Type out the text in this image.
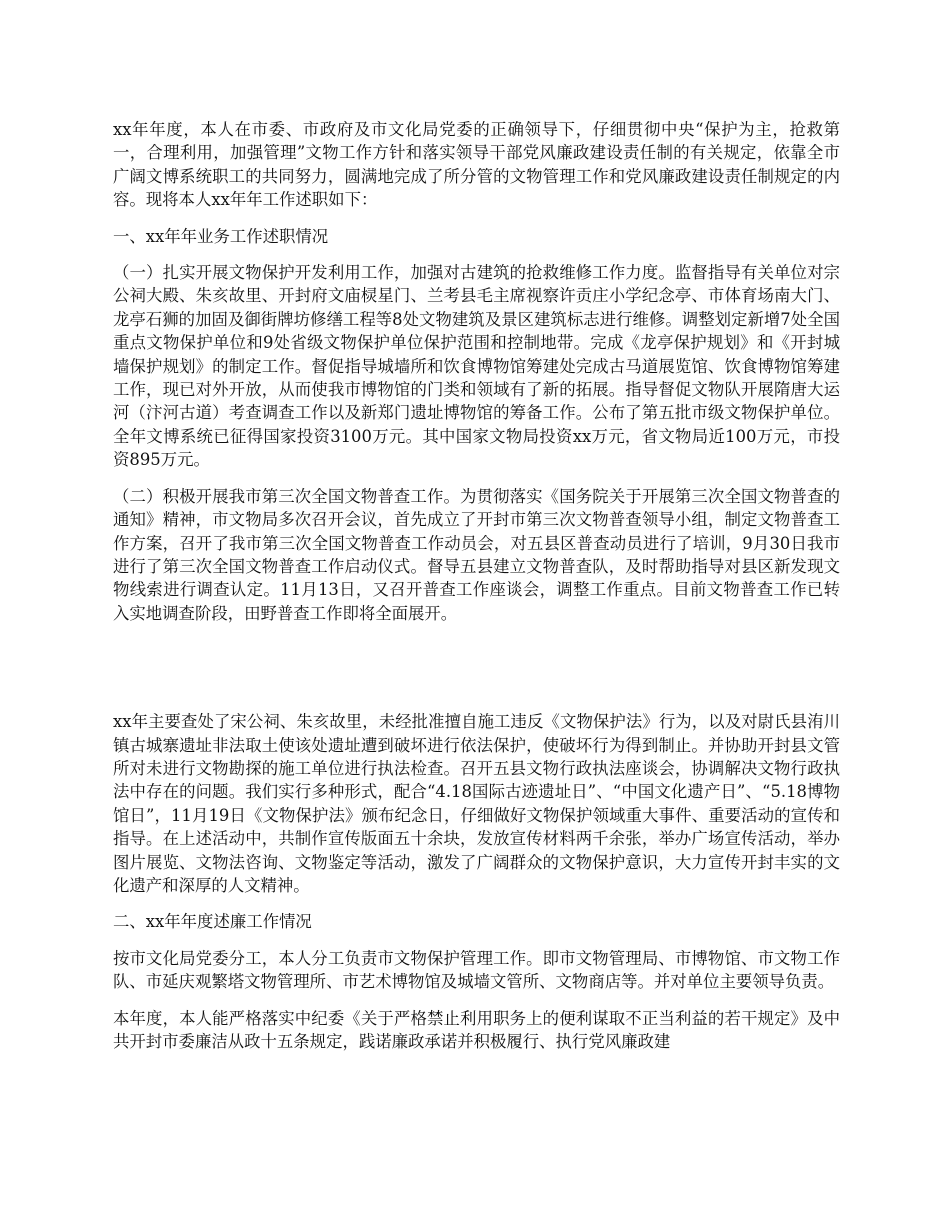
xx年年度，本人在市委、市政府及市文化局党委的正确领导下，仔细贯彻中央“保护为主，抢救第一，合理利用，加强管理”文物工作方针和落实领导干部党风廉政建设责任制的有关规定，依靠全市广阔文博系统职工的共同努力，圆满地完成了所分管的文物管理工作和党风廉政建设责任制规定的内容。现将本人xx年年工作述职如下：

一、xx年年业务工作述职情况

（一）扎实开展文物保护开发利用工作，加强对古建筑的抢救维修工作力度。监督指导有关单位对宗公祠大殿、朱亥故里、开封府文庙棂星门、兰考县毛主席视察许贡庄小学纪念亭、市体育场南大门、龙亭石狮的加固及御街牌坊修缮工程等8处文物建筑及景区建筑标志进行维修。调整划定新增7处全国重点文物保护单位和9处省级文物保护单位保护范围和控制地带。完成《龙亭保护规划》和《开封城墙保护规划》的制定工作。督促指导城墙所和饮食博物馆筹建处完成古马道展览馆、饮食博物馆筹建工作，现已对外开放，从而使我市博物馆的门类和领域有了新的拓展。指导督促文物队开展隋唐大运河（汴河古道）考查调查工作以及新郑门遗址博物馆的筹备工作。公布了第五批市级文物保护单位。全年文博系统已征得国家投资3100万元。其中国家文物局投资xx万元，省文物局近100万元，市投资895万元。

（二）积极开展我市第三次全国文物普查工作。为贯彻落实《国务院关于开展第三次全国文物普查的通知》精神，市文物局多次召开会议，首先成立了开封市第三次文物普查领导小组，制定文物普查工作方案，召开了我市第三次全国文物普查工作动员会，对五县区普查动员进行了培训，9月30日我市进行了第三次全国文物普查工作启动仪式。督导五县建立文物普查队，及时帮助指导对县区新发现文物线索进行调查认定。11月13日，又召开普查工作座谈会，调整工作重点。目前文物普查工作已转入实地调查阶段，田野普查工作即将全面展开。

xx年主要查处了宋公祠、朱亥故里，未经批准擅自施工违反《文物保护法》行为，以及对尉氏县洧川镇古城寨遗址非法取土使该处遗址遭到破坏进行依法保护，使破坏行为得到制止。并协助开封县文管所对未进行文物勘探的施工单位进行执法检查。召开五县文物行政执法座谈会，协调解决文物行政执法中存在的问题。我们实行多种形式，配合“4.18国际古迹遗址日”、“中国文化遗产日”、“5.18博物馆日”，11月19日《文物保护法》颁布纪念日，仔细做好文物保护领域重大事件、重要活动的宣传和指导。在上述活动中，共制作宣传版面五十余块，发放宣传材料两千余张，举办广场宣传活动，举办图片展览、文物法咨询、文物鉴定等活动，激发了广阔群众的文物保护意识，大力宣传开封丰实的文化遗产和深厚的人文精神。

二、xx年年度述廉工作情况

按市文化局党委分工，本人分工负责市文物保护管理工作。即市文物管理局、市博物馆、市文物工作队、市延庆观繁塔文物管理所、市艺术博物馆及城墙文管所、文物商店等。并对单位主要领导负责。

本年度，本人能严格落实中纪委《关于严格禁止利用职务上的便利谋取不正当利益的若干规定》及中共开封市委廉洁从政十五条规定，践诺廉政承诺并积极履行、执行党风廉政建
